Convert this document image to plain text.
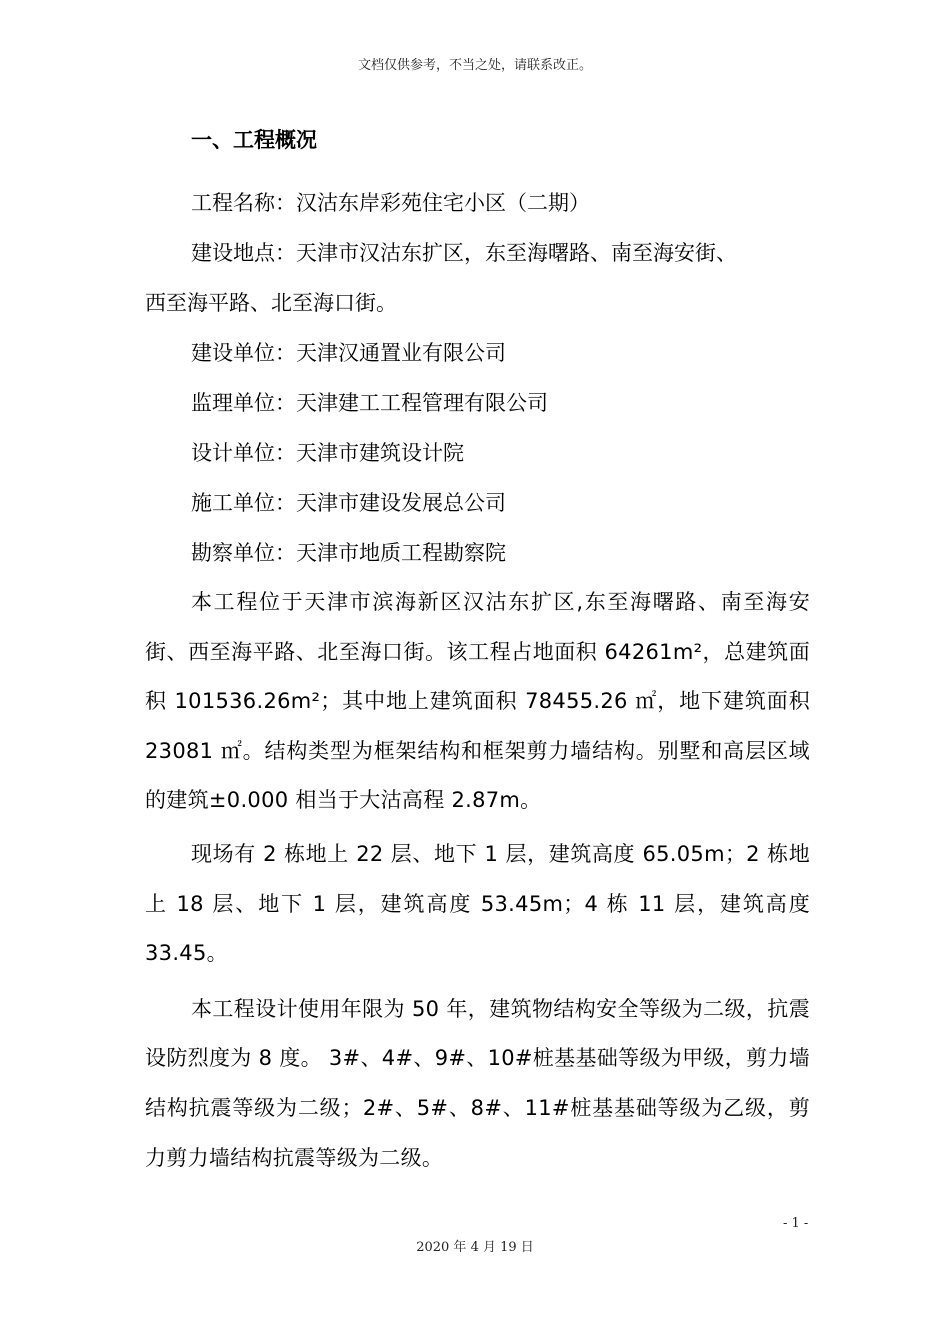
文档仅供参考，不当之处，请联系改正。
一、工程概况

工程名称：汉沽东岸彩苑住宅小区（二期）

建设地点：天津市汉沽东扩区，东至海曙路、南至海安街、

西至海平路、北至海口街。

建设单位：天津汉通置业有限公司

监理单位：天津建工工程管理有限公司

设计单位：天津市建筑设计院

施工单位：天津市建设发展总公司

勘察单位：天津市地质工程勘察院

本工程位于天津市滨海新区汉沽东扩区,东至海曙路、南至海安街、西至海平路、北至海口街。该工程占地面积 64261m²，总建筑面积 101536.26m²；其中地上建筑面积 78455.26 ㎡，地下建筑面积 23081 ㎡。结构类型为框架结构和框架剪力墙结构。别墅和高层区域的建筑±0.000 相当于大沽高程 2.87m。

现场有 2 栋地上 22 层、地下 1 层，建筑高度 65.05m；2 栋地上 18 层、地下 1 层，建筑高度 53.45m；4 栋 11 层，建筑高度 33.45。

本工程设计使用年限为 50 年，建筑物结构安全等级为二级，抗震设防烈度为 8 度。 3#、4#、9#、10#桩基基础等级为甲级，剪力墙结构抗震等级为二级；2#、5#、8#、11#桩基基础等级为乙级，剪力剪力墙结构抗震等级为二级。

- 1 -
2020 年 4 月 19 日
